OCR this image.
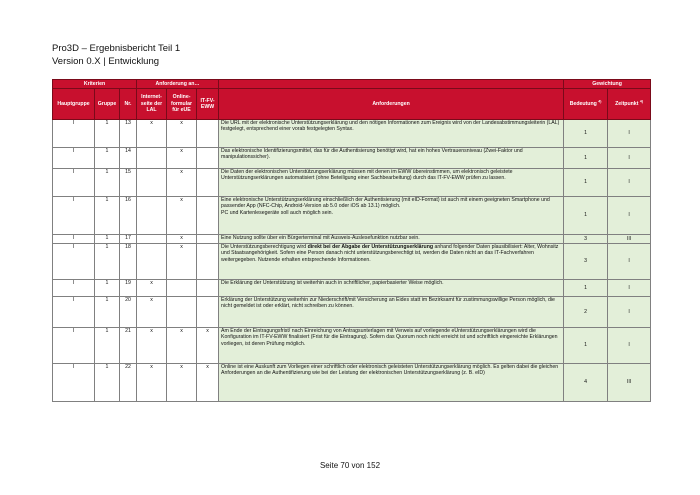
Pro3D – Ergebnisbericht Teil 1
Version 0.X | Entwicklung
Kriterien			Anforderung an…				Gewichtung	
Hauptgruppe	Gruppe	Nr.	Internet-seite der LAL	Online-formular für eUE	IT-FV-EWW	Anforderungen	Bedeutung $^{4)}$	Zeitpunkt $^{4)}$
I	1	13	x	x		Die URL mit der elektronische Unterstützungserklärung und den nötigen Informationen zum Ereignis wird von der Landesabstimmungsleiterin (LAL) festgelegt, entsprechend einer vorab festgelegten Syntax.	1	I
I	1	14		x		Das elektronische Identifizierungsmittel, das für die Authentisierung benötigt wird, hat ein hohes Vertrauensniveau (Zwei-Faktor und manipulationssicher).	1	I
I	1	15		x		Die Daten der elektronischen Unterstützungserklärung müssen mit denen im EWW übereinstimmen, um elektronisch geleistete Unterstützungserklärungen automatisiert (ohne Beteiligung einer Sachbearbeitung) durch das IT-FV-EWW prüfen zu lassen.	1	I
I	1	16		x		Eine elektronische Unterstützungserklärung einschließlich der Authentisierung (mit eID-Format) ist auch mit einem geeigneten Smartphone und passender App (NFC-Chip, Android-Version ab 5.0 oder iOS ab 13.1) möglich.
PC und Kartenlesegeräte soll auch möglich sein.	1	I
I	1	17		x		Eine Nutzung sollte über ein Bürgerterminal mit Ausweis-Auslesefunktion nutzbar sein.	3	III
I	1	18		x		Die Unterstützungsberechtigung wird direkt bei der Abgabe der Unterstützungserklärung anhand folgender Daten plausibilisiert: Alter, Wohnsitz und Staatsangehörigkeit. Sofern eine Person danach nicht unterstützungsberechtigt ist, werden die Daten nicht an das IT-Fachverfahren weitergegeben. Nutzende erhalten entsprechende Informationen.	3	I
I	1	19	x			Die Erklärung der Unterstützung ist weiterhin auch in schriftlicher, papierbasierter Weise möglich.	1	I
I	1	20	x			Erklärung der Unterstützung weiterhin zur Niederschrift/mit Versicherung an Eides statt im Bezirksamt für zustimmungswillige Person möglich, die nicht gemeldet ist oder erklärt, nicht schreiben zu können.	2	I
I	1	21	x	x	x	Am Ende der Eintragungsfrist/ nach Einreichung von Antragsunterlagen mit Verweis auf vorliegende eUnterstützungserklärungen wird die Konfiguration im IT-FV-EWW finalisiert (Frist für die Eintragung). Sofern das Quorum noch nicht erreicht ist und schriftlich eingereichte Erklärungen vorliegen, ist deren Prüfung möglich.	1	I
I	1	22	x	x	x	Online ist eine Auskunft zum Vorliegen einer schriftlich oder elektronisch geleisteten Unterstützungserklärung möglich. Es gelten dabei die gleichen Anforderungen an die Authentifizierung wie bei der Leistung der elektronischen Unterstützungserklärung (z. B. eID)	4	III
Seite 70 von 152
